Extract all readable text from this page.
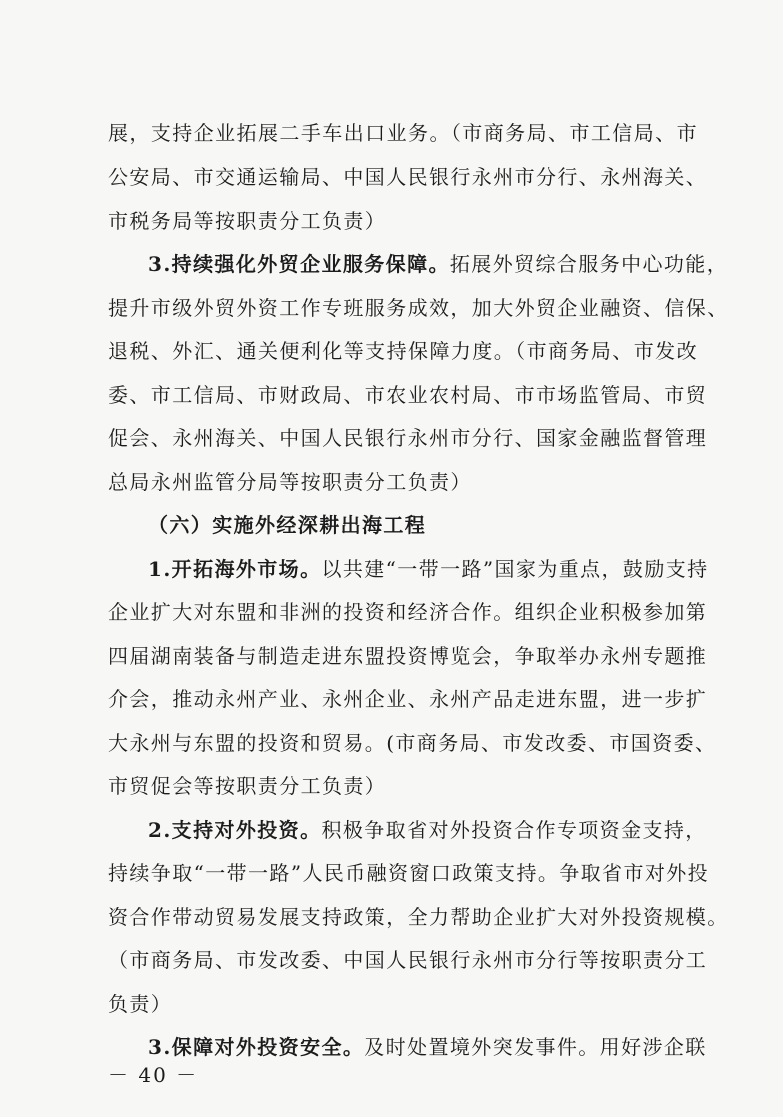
展，支持企业拓展二手车出口业务。（市商务局、市工信局、市
公安局、市交通运输局、中国人民银行永州市分行、永州海关、
市税务局等按职责分工负责）
3.持续强化外贸企业服务保障。拓展外贸综合服务中心功能，
提升市级外贸外资工作专班服务成效，加大外贸企业融资、信保、
退税、外汇、通关便利化等支持保障力度。（市商务局、市发改
委、市工信局、市财政局、市农业农村局、市市场监管局、市贸
促会、永州海关、中国人民银行永州市分行、国家金融监督管理
总局永州监管分局等按职责分工负责）
（六）实施外经深耕出海工程
1.开拓海外市场。以共建“一带一路”国家为重点，鼓励支持
企业扩大对东盟和非洲的投资和经济合作。组织企业积极参加第
四届湖南装备与制造走进东盟投资博览会，争取举办永州专题推
介会，推动永州产业、永州企业、永州产品走进东盟，进一步扩
大永州与东盟的投资和贸易。(市商务局、市发改委、市国资委、
市贸促会等按职责分工负责）
2.支持对外投资。积极争取省对外投资合作专项资金支持，
持续争取“一带一路”人民币融资窗口政策支持。争取省市对外投
资合作带动贸易发展支持政策，全力帮助企业扩大对外投资规模。
（市商务局、市发改委、中国人民银行永州市分行等按职责分工
负责）
3.保障对外投资安全。及时处置境外突发事件。用好涉企联
－ 40 －
